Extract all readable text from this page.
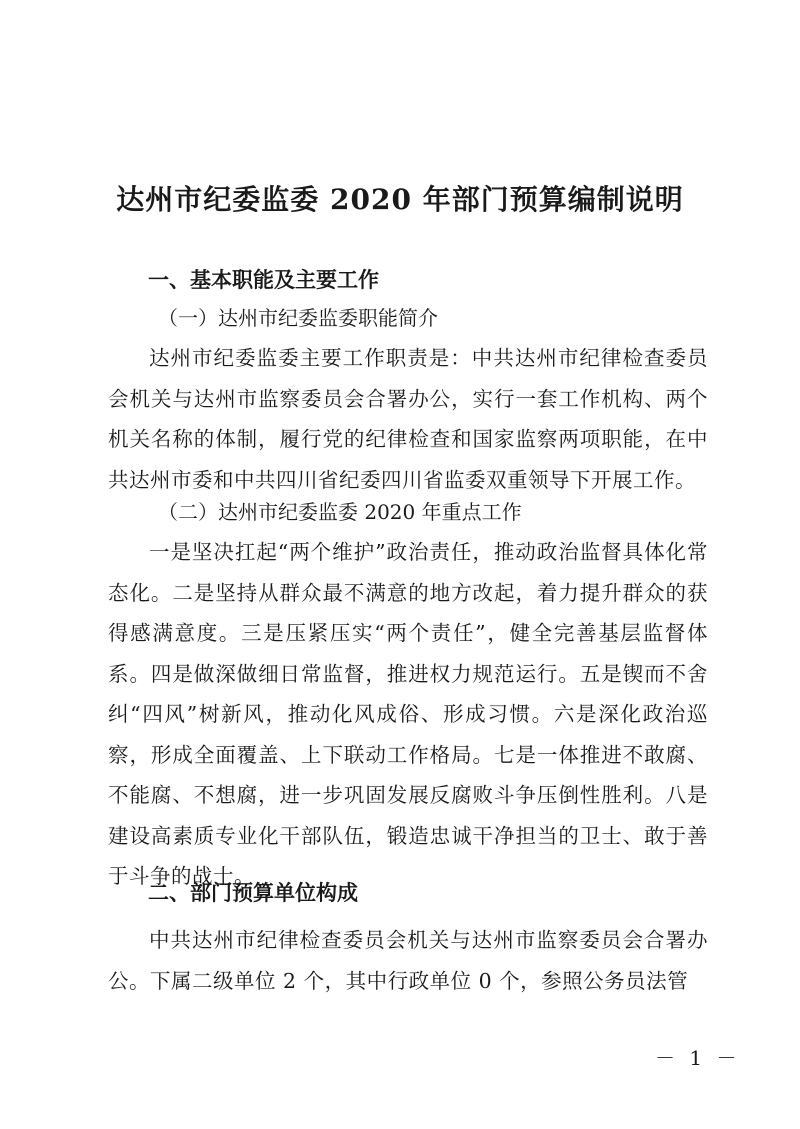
达州市纪委监委 2020 年部门预算编制说明
一、基本职能及主要工作
（一）达州市纪委监委职能简介
达州市纪委监委主要工作职责是：中共达州市纪律检查委员会机关与达州市监察委员会合署办公，实行一套工作机构、两个机关名称的体制，履行党的纪律检查和国家监察两项职能，在中共达州市委和中共四川省纪委四川省监委双重领导下开展工作。
（二）达州市纪委监委 2020 年重点工作
一是坚决扛起“两个维护”政治责任，推动政治监督具体化常态化。二是坚持从群众最不满意的地方改起，着力提升群众的获得感满意度。三是压紧压实“两个责任”，健全完善基层监督体系。四是做深做细日常监督，推进权力规范运行。五是锲而不舍纠“四风”树新风，推动化风成俗、形成习惯。六是深化政治巡察，形成全面覆盖、上下联动工作格局。七是一体推进不敢腐、不能腐、不想腐，进一步巩固发展反腐败斗争压倒性胜利。八是建设高素质专业化干部队伍，锻造忠诚干净担当的卫士、敢于善于斗争的战士。
二、部门预算单位构成
中共达州市纪律检查委员会机关与达州市监察委员会合署办公。下属二级单位 2 个，其中行政单位 0 个，参照公务员法管
－ 1 －
